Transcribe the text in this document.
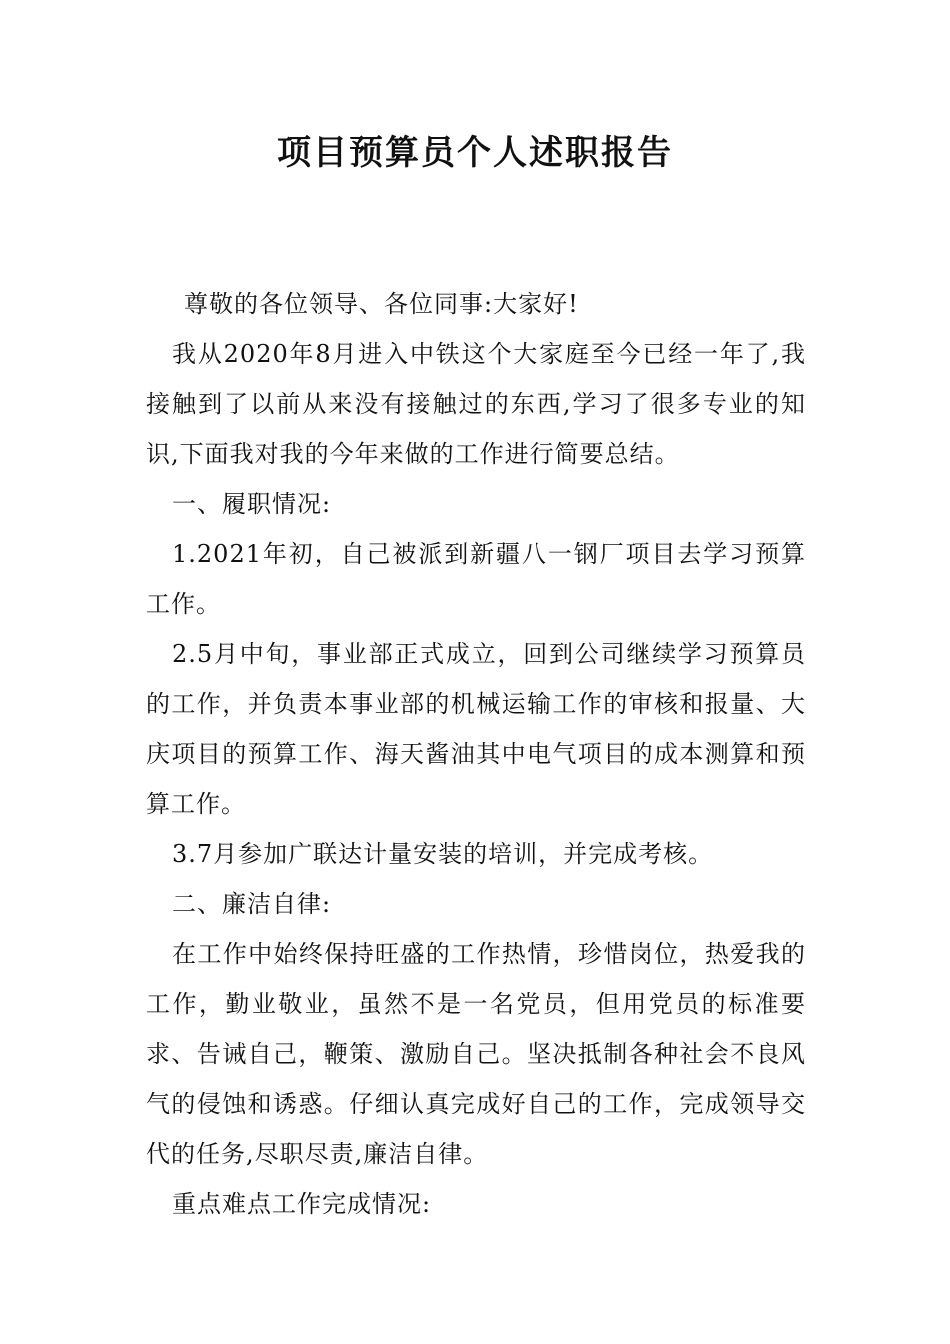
项目预算员个人述职报告

尊敬的各位领导、各位同事:大家好!

我从2020年8月进入中铁这个大家庭至今已经一年了,我接触到了以前从来没有接触过的东西,学习了很多专业的知识,下面我对我的今年来做的工作进行简要总结。

一、履职情况:

1.2021年初，自己被派到新疆八一钢厂项目去学习预算工作。

2.5月中旬，事业部正式成立，回到公司继续学习预算员的工作，并负责本事业部的机械运输工作的审核和报量、大庆项目的预算工作、海天酱油其中电气项目的成本测算和预算工作。

3.7月参加广联达计量安装的培训，并完成考核。

二、廉洁自律:

在工作中始终保持旺盛的工作热情，珍惜岗位，热爱我的工作，勤业敬业，虽然不是一名党员，但用党员的标准要求、告诫自己，鞭策、激励自己。坚决抵制各种社会不良风气的侵蚀和诱惑。仔细认真完成好自己的工作，完成领导交代的任务,尽职尽责,廉洁自律。

重点难点工作完成情况:
